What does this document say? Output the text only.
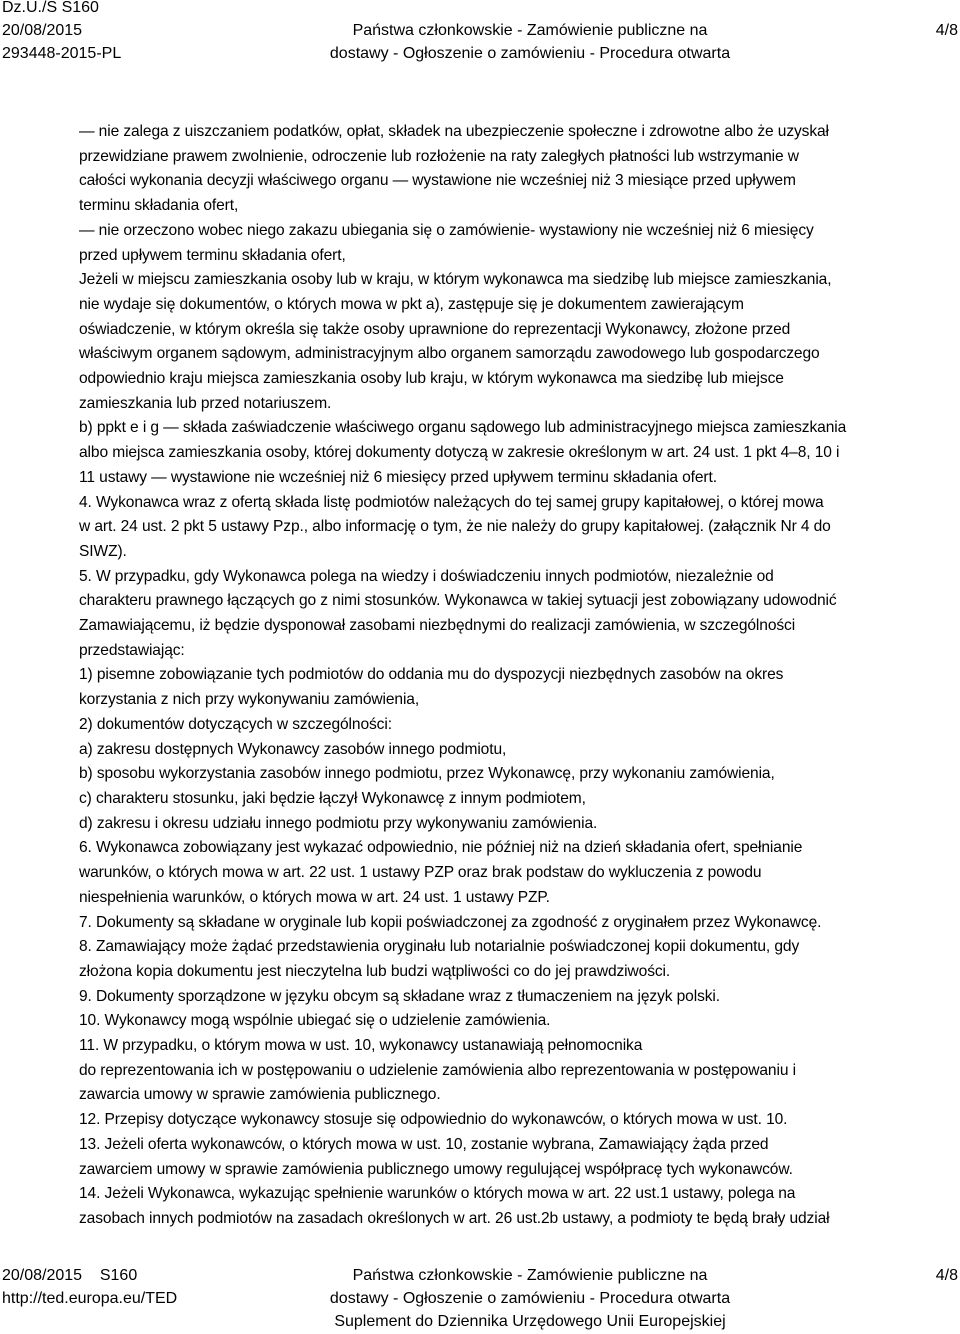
Dz.U./S S160
20/08/2015
293448-2015-PL
Państwa członkowskie - Zamówienie publiczne na
dostawy - Ogłoszenie o zamówieniu - Procedura otwarta
4/8
— nie zalega z uiszczaniem podatków, opłat, składek na ubezpieczenie społeczne i zdrowotne albo że uzyskał
przewidziane prawem zwolnienie, odroczenie lub rozłożenie na raty zaległych płatności lub wstrzymanie w
całości wykonania decyzji właściwego organu — wystawione nie wcześniej niż 3 miesiące przed upływem
terminu składania ofert,
— nie orzeczono wobec niego zakazu ubiegania się o zamówienie- wystawiony nie wcześniej niż 6 miesięcy
przed upływem terminu składania ofert,
Jeżeli w miejscu zamieszkania osoby lub w kraju, w którym wykonawca ma siedzibę lub miejsce zamieszkania,
nie wydaje się dokumentów, o których mowa w pkt a), zastępuje się je dokumentem zawierającym
oświadczenie, w którym określa się także osoby uprawnione do reprezentacji Wykonawcy, złożone przed
właściwym organem sądowym, administracyjnym albo organem samorządu zawodowego lub gospodarczego
odpowiednio kraju miejsca zamieszkania osoby lub kraju, w którym wykonawca ma siedzibę lub miejsce
zamieszkania lub przed notariuszem.
b) ppkt e i g — składa zaświadczenie właściwego organu sądowego lub administracyjnego miejsca zamieszkania
albo miejsca zamieszkania osoby, której dokumenty dotyczą w zakresie określonym w art. 24 ust. 1 pkt 4–8, 10 i
11 ustawy — wystawione nie wcześniej niż 6 miesięcy przed upływem terminu składania ofert.
4. Wykonawca wraz z ofertą składa listę podmiotów należących do tej samej grupy kapitałowej, o której mowa
w art. 24 ust. 2 pkt 5 ustawy Pzp., albo informację o tym, że nie należy do grupy kapitałowej. (załącznik Nr 4 do
SIWZ).
5. W przypadku, gdy Wykonawca polega na wiedzy i doświadczeniu innych podmiotów, niezależnie od
charakteru prawnego łączących go z nimi stosunków. Wykonawca w takiej sytuacji jest zobowiązany udowodnić
Zamawiającemu, iż będzie dysponował zasobami niezbędnymi do realizacji zamówienia, w szczególności
przedstawiając:
1) pisemne zobowiązanie tych podmiotów do oddania mu do dyspozycji niezbędnych zasobów na okres
korzystania z nich przy wykonywaniu zamówienia,
2) dokumentów dotyczących w szczególności:
a) zakresu dostępnych Wykonawcy zasobów innego podmiotu,
b) sposobu wykorzystania zasobów innego podmiotu, przez Wykonawcę, przy wykonaniu zamówienia,
c) charakteru stosunku, jaki będzie łączył Wykonawcę z innym podmiotem,
d) zakresu i okresu udziału innego podmiotu przy wykonywaniu zamówienia.
6. Wykonawca zobowiązany jest wykazać odpowiednio, nie później niż na dzień składania ofert, spełnianie
warunków, o których mowa w art. 22 ust. 1 ustawy PZP oraz brak podstaw do wykluczenia z powodu
niespełnienia warunków, o których mowa w art. 24 ust. 1 ustawy PZP.
7. Dokumenty są składane w oryginale lub kopii poświadczonej za zgodność z oryginałem przez Wykonawcę.
8. Zamawiający może żądać przedstawienia oryginału lub notarialnie poświadczonej kopii dokumentu, gdy
złożona kopia dokumentu jest nieczytelna lub budzi wątpliwości co do jej prawdziwości.
9. Dokumenty sporządzone w języku obcym są składane wraz z tłumaczeniem na język polski.
10. Wykonawcy mogą wspólnie ubiegać się o udzielenie zamówienia.
11. W przypadku, o którym mowa w ust. 10, wykonawcy ustanawiają pełnomocnika
do reprezentowania ich w postępowaniu o udzielenie zamówienia albo reprezentowania w postępowaniu i
zawarcia umowy w sprawie zamówienia publicznego.
12. Przepisy dotyczące wykonawcy stosuje się odpowiednio do wykonawców, o których mowa w ust. 10.
13. Jeżeli oferta wykonawców, o których mowa w ust. 10, zostanie wybrana, Zamawiający żąda przed
zawarciem umowy w sprawie zamówienia publicznego umowy regulującej współpracę tych wykonawców.
14. Jeżeli Wykonawca, wykazując spełnienie warunków o których mowa w art. 22 ust.1 ustawy, polega na
zasobach innych podmiotów na zasadach określonych w art. 26 ust.2b ustawy, a podmioty te będą brały udział
20/08/2015    S160
http://ted.europa.eu/TED
Państwa członkowskie - Zamówienie publiczne na
dostawy - Ogłoszenie o zamówieniu - Procedura otwarta
Suplement do Dziennika Urzędowego Unii Europejskiej
4/8
